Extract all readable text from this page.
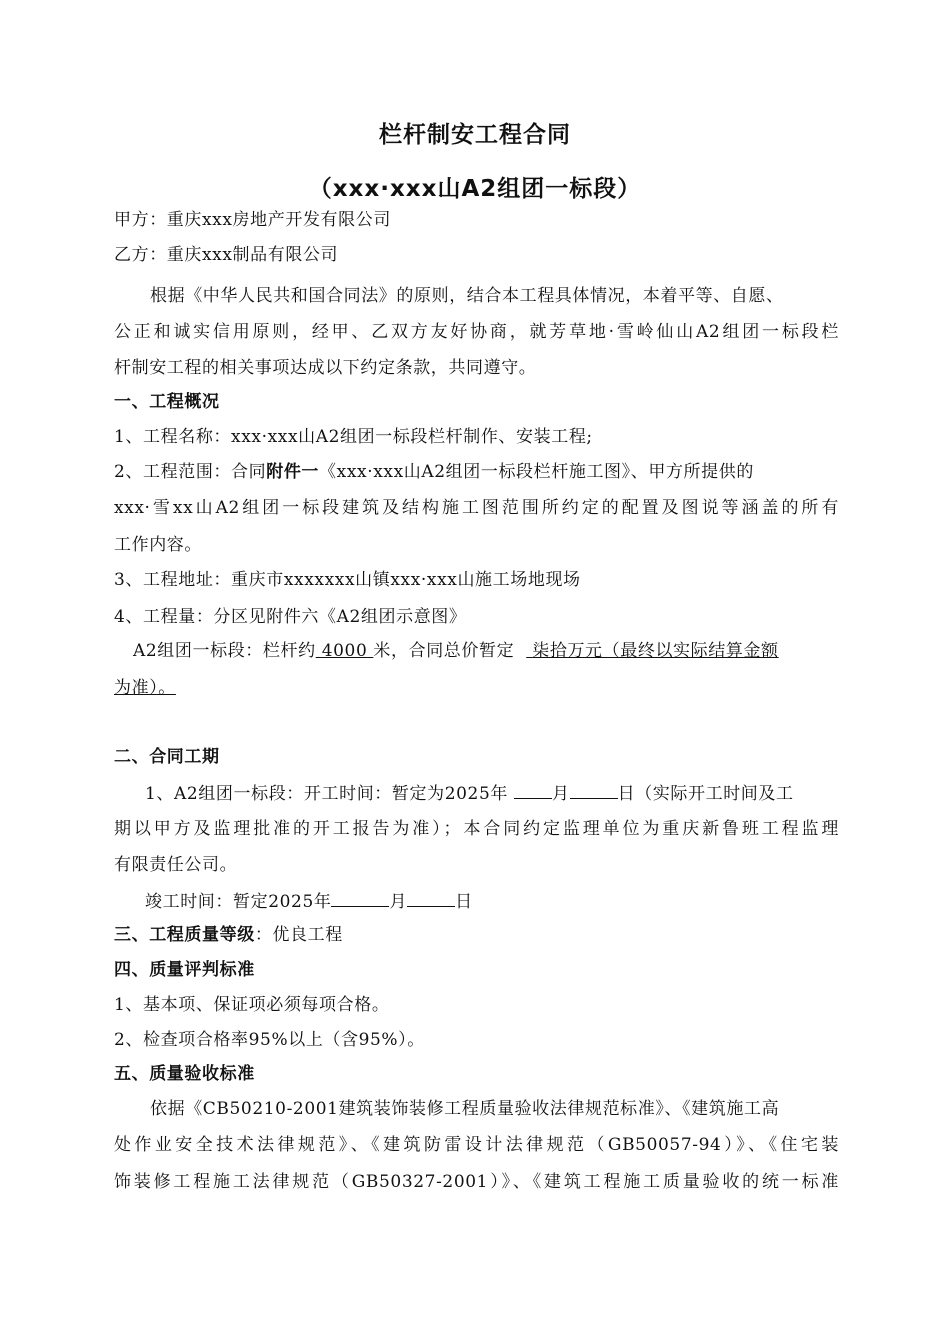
栏杆制安工程合同
（xxx·xxx山A2组团一标段）
甲方：重庆xxx房地产开发有限公司
乙方：重庆xxx制品有限公司
根据《中华人民共和国合同法》的原则，结合本工程具体情况，本着平等、自愿、
公正和诚实信用原则，经甲、乙双方友好协商，就芳草地·雪岭仙山A2组团一标段栏
杆制安工程的相关事项达成以下约定条款，共同遵守。
一、工程概况
1、工程名称：xxx·xxx山A2组团一标段栏杆制作、安装工程;
2、工程范围：合同附件一《xxx·xxx山A2组团一标段栏杆施工图》、甲方所提供的
xxx·雪xx山A2组团一标段建筑及结构施工图范围所约定的配置及图说等涵盖的所有
工作内容。
3、工程地址：重庆市xxxxxxx山镇xxx·xxx山施工场地现场
4、工程量：分区见附件六《A2组团示意图》
A2组团一标段：栏杆约 4000 米，合同总价暂定 柒拾万元（最终以实际结算金额
为准）。
二、合同工期
1、A2组团一标段：开工时间：暂定为2025年	月	日（实际开工时间及工
期以甲方及监理批准的开工报告为准）；本合同约定监理单位为重庆新鲁班工程监理
有限责任公司。
竣工时间：暂定2025年	月	日
三、工程质量等级：优良工程
四、质量评判标准
1、基本项、保证项必须每项合格。
2、检查项合格率95%以上（含95%）。
五、质量验收标准
依据《CB50210-2001建筑装饰装修工程质量验收法律规范标准》、《建筑施工高
处作业安全技术法律规范》、《建筑防雷设计法律规范（GB50057-94）》、《住宅装
饰装修工程施工法律规范（GB50327-2001）》、《建筑工程施工质量验收的统一标准
